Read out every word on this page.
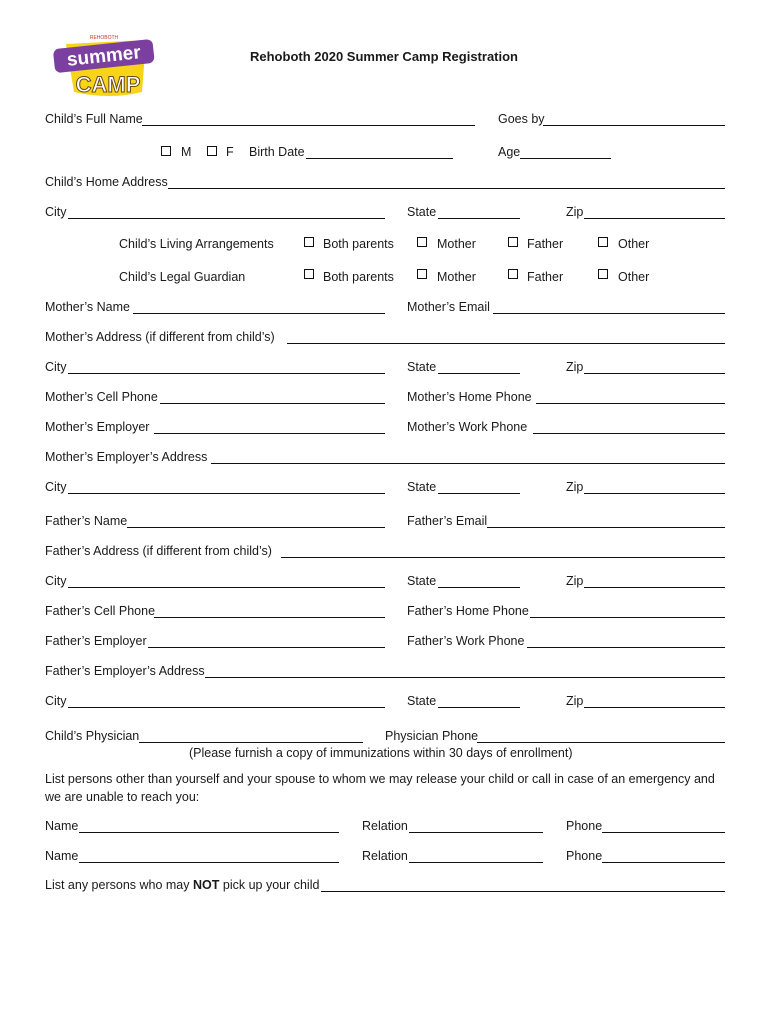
REHOBOTH
summer
CAMP
Rehoboth 2020 Summer Camp Registration
Child’s Full Name	Goes by
M	F Birth Date	Age
Child’s Home Address
City	State	Zip
Child’s Living Arrangements	Both parents	Mother	Father	Other
Child’s Legal Guardian	Both parents	Mother	Father	Other
Mother’s Name	Mother’s Email
Mother’s Address (if different from child’s)
City	State	Zip
Mother’s Cell Phone	Mother’s Home Phone
Mother’s Employer	Mother’s Work Phone
Mother’s Employer’s Address
City	State	Zip
Father’s Name	Father’s Email
Father’s Address (if different from child’s)
City	State	Zip
Father’s Cell Phone	Father’s Home Phone
Father’s Employer	Father’s Work Phone
Father’s Employer’s Address
City	State	Zip
Child’s Physician	Physician Phone
(Please furnish a copy of immunizations within 30 days of enrollment)
List persons other than yourself and your spouse to whom we may release your child or call in case of an emergency and
we are unable to reach you:
Name	Relation	Phone
Name	Relation	Phone
List any persons who may NOT pick up your child
